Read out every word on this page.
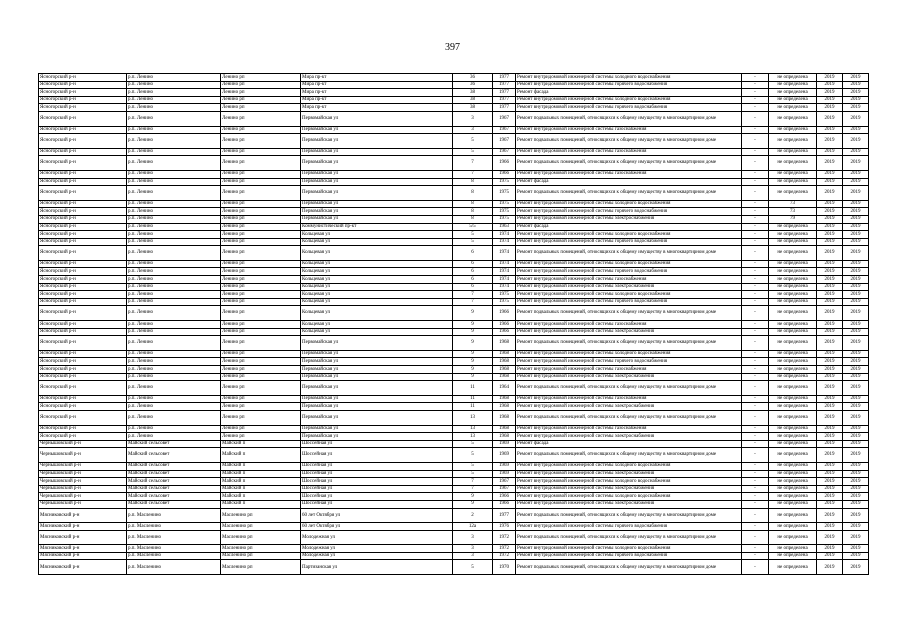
397
Ясногорский р-н	р.п. Ленино	Ленино рп	Мира пр-кт	36	1977	Ремонт внутридомовой инженерной системы холодного водоснабжения	-	не определена	2019	2019
Ясногорский р-н	р.п. Ленино	Ленино рп	Мира пр-кт	36	1977	Ремонт внутридомовой инженерной системы горячего водоснабжения	-	не определена	2019	2019
Ясногорский р-н	р.п. Ленино	Ленино рп	Мира пр-кт	38	1977	Ремонт фасада	-	не определена	2019	2019
Ясногорский р-н	р.п. Ленино	Ленино рп	Мира пр-кт	38	1977	Ремонт внутридомовой инженерной системы холодного водоснабжения	-	не определена	2019	2019
Ясногорский р-н	р.п. Ленино	Ленино рп	Мира пр-кт	38	1977	Ремонт внутридомовой инженерной системы горячего водоснабжения	-	не определена	2019	2019
Ясногорский р-н	р.п. Ленино	Ленино рп	Первомайская ул	3	1967	Ремонт подвальных помещений, относящихся к общему имуществу в многоквартирном доме	-	не определена	2019	2019
Ясногорский р-н	р.п. Ленино	Ленино рп	Первомайская ул	3	1967	Ремонт внутридомовой инженерной системы газоснабжения	-	не определена	2019	2019
Ясногорский р-н	р.п. Ленино	Ленино рп	Первомайская ул	5	1967	Ремонт подвальных помещений, относящихся к общему имуществу в многоквартирном доме	-	не определена	2019	2019
Ясногорский р-н	р.п. Ленино	Ленино рп	Первомайская ул	5	1967	Ремонт внутридомовой инженерной системы газоснабжения	-	не определена	2019	2019
Ясногорский р-н	р.п. Ленино	Ленино рп	Первомайская ул	7	1966	Ремонт подвальных помещений, относящихся к общему имуществу в многоквартирном доме	-	не определена	2019	2019
Ясногорский р-н	р.п. Ленино	Ленино рп	Первомайская ул	7	1966	Ремонт внутридомовой инженерной системы газоснабжения	-	не определена	2019	2019
Ясногорский р-н	р.п. Ленино	Ленино рп	Первомайская ул	8	1975	Ремонт фасада	-	не определена	2019	2019
Ясногорский р-н	р.п. Ленино	Ленино рп	Первомайская ул	8	1975	Ремонт подвальных помещений, относящихся к общему имуществу в многоквартирном доме	-	не определена	2019	2019
Ясногорский р-н	р.п. Ленино	Ленино рп	Первомайская ул	8	1975	Ремонт внутридомовой инженерной системы холодного водоснабжения	-	73	2019	2019
Ясногорский р-н	р.п. Ленино	Ленино рп	Первомайская ул	8	1975	Ремонт внутридомовой инженерной системы горячего водоснабжения	-	73	2019	2019
Ясногорский р-н	р.п. Ленино	Ленино рп	Первомайская ул	8	1975	Ремонт внутридомовой инженерной системы электроснабжения	-	79	2019	2019
Ясногорский р-н	р.п. Ленино	Ленино рп	Коммунистический пр-кт	5/5	1963	Ремонт фасада	-	не определена	2019	2019
Ясногорский р-н	р.п. Ленино	Ленино рп	Кольцевая ул	5	1974	Ремонт внутридомовой инженерной системы холодного водоснабжения	-	не определена	2019	2019
Ясногорский р-н	р.п. Ленино	Ленино рп	Кольцевая ул	5	1974	Ремонт внутридомовой инженерной системы горячего водоснабжения	-	не определена	2019	2019
Ясногорский р-н	р.п. Ленино	Ленино рп	Кольцевая ул	6	1974	Ремонт подвальных помещений, относящихся к общему имуществу в многоквартирном доме	-	не определена	2019	2019
Ясногорский р-н	р.п. Ленино	Ленино рп	Кольцевая ул	6	1974	Ремонт внутридомовой инженерной системы холодного водоснабжения	-	не определена	2019	2019
Ясногорский р-н	р.п. Ленино	Ленино рп	Кольцевая ул	6	1974	Ремонт внутридомовой инженерной системы горячего водоснабжения	-	не определена	2019	2019
Ясногорский р-н	р.п. Ленино	Ленино рп	Кольцевая ул	6	1974	Ремонт внутридомовой инженерной системы газоснабжения	-	не определена	2019	2019
Ясногорский р-н	р.п. Ленино	Ленино рп	Кольцевая ул	6	1974	Ремонт внутридомовой инженерной системы электроснабжения	-	не определена	2019	2019
Ясногорский р-н	р.п. Ленино	Ленино рп	Кольцевая ул	7	1975	Ремонт внутридомовой инженерной системы холодного водоснабжения	-	не определена	2019	2019
Ясногорский р-н	р.п. Ленино	Ленино рп	Кольцевая ул	7	1975	Ремонт внутридомовой инженерной системы горячего водоснабжения	-	не определена	2019	2019
Ясногорский р-н	р.п. Ленино	Ленино рп	Кольцевая ул	9	1966	Ремонт подвальных помещений, относящихся к общему имуществу в многоквартирном доме	-	не определена	2019	2019
Ясногорский р-н	р.п. Ленино	Ленино рп	Кольцевая ул	9	1966	Ремонт внутридомовой инженерной системы газоснабжения	-	не определена	2019	2019
Ясногорский р-н	р.п. Ленино	Ленино рп	Кольцевая ул	9	1966	Ремонт внутридомовой инженерной системы электроснабжения	-	не определена	2019	2019
Ясногорский р-н	р.п. Ленино	Ленино рп	Первомайская ул	9	1968	Ремонт подвальных помещений, относящихся к общему имуществу в многоквартирном доме	-	не определена	2019	2019
Ясногорский р-н	р.п. Ленино	Ленино рп	Первомайская ул	9	1968	Ремонт внутридомовой инженерной системы холодного водоснабжения	-	не определена	2019	2019
Ясногорский р-н	р.п. Ленино	Ленино рп	Первомайская ул	9	1968	Ремонт внутридомовой инженерной системы горячего водоснабжения	-	не определена	2019	2019
Ясногорский р-н	р.п. Ленино	Ленино рп	Первомайская ул	9	1968	Ремонт внутридомовой инженерной системы газоснабжения	-	не определена	2019	2019
Ясногорский р-н	р.п. Ленино	Ленино рп	Первомайская ул	9	1968	Ремонт внутридомовой инженерной системы электроснабжения	-	не определена	2019	2019
Ясногорский р-н	р.п. Ленино	Ленино рп	Первомайская ул	11	1964	Ремонт подвальных помещений, относящихся к общему имуществу в многоквартирном доме	-	не определена	2019	2019
Ясногорский р-н	р.п. Ленино	Ленино рп	Первомайская ул	11	1968	Ремонт внутридомовой инженерной системы газоснабжения	-	не определена	2019	2019
Ясногорский р-н	р.п. Ленино	Ленино рп	Первомайская ул	11	1968	Ремонт внутридомовой инженерной системы электроснабжения	-	не определена	2019	2019
Ясногорский р-н	р.п. Ленино	Ленино рп	Первомайская ул	13	1968	Ремонт подвальных помещений, относящихся к общему имуществу в многоквартирном доме	-	не определена	2019	2019
Ясногорский р-н	р.п. Ленино	Ленино рп	Первомайская ул	13	1968	Ремонт внутридомовой инженерной системы газоснабжения	-	не определена	2019	2019
Ясногорский р-н	р.п. Ленино	Ленино рп	Первомайская ул	13	1968	Ремонт внутридомовой инженерной системы электроснабжения	-	не определена	2019	2019
Чернышовский р-н	Майский сельсовет	Майский п	Шоссейная ул	5	1969	Ремонт фасада	-	не определена	2019	2019
Чернышовский р-н	Майский сельсовет	Майский п	Шоссейная ул	5	1969	Ремонт подвальных помещений, относящихся к общему имуществу в многоквартирном доме	-	не определена	2019	2019
Чернышовский р-н	Майский сельсовет	Майский п	Шоссейная ул	5	1969	Ремонт внутридомовой инженерной системы холодного водоснабжения	-	не определена	2019	2019
Чернышовский р-н	Майский сельсовет	Майский п	Шоссейная ул	5	1969	Ремонт внутридомовой инженерной системы электроснабжения	-	не определена	2019	2019
Чернышовский р-н	Майский сельсовет	Майский п	Шоссейная ул	7	1967	Ремонт внутридомовой инженерной системы холодного водоснабжения	-	не определена	2019	2019
Чернышовский р-н	Майский сельсовет	Майский п	Шоссейная ул	7	1967	Ремонт внутридомовой инженерной системы электроснабжения	-	не определена	2019	2019
Чернышовский р-н	Майский сельсовет	Майский п	Шоссейная ул	9	1966	Ремонт внутридомовой инженерной системы холодного водоснабжения	-	не определена	2019	2019
Чернышовский р-н	Майский сельсовет	Майский п	Шоссейная ул	9	1966	Ремонт внутридомовой инженерной системы электроснабжения	-	не определена	2019	2019
Мясниковский р-н	р.п. Масленино	Масленино рп	60 лет Октября ул	2	1977	Ремонт подвальных помещений, относящихся к общему имуществу в многоквартирном доме	-	не определена	2019	2019
Мясниковский р-н	р.п. Масленино	Масленино рп	60 лет Октября ул	12а	1976	Ремонт внутридомовой инженерной системы горячего водоснабжения	-	не определена	2019	2019
Мясниковский р-н	р.п. Масленино	Масленино рп	Молодежная ул	3	1972	Ремонт подвальных помещений, относящихся к общему имуществу в многоквартирном доме	-	не определена	2019	2019
Мясниковский р-н	р.п. Масленино	Масленино рп	Молодежная ул	3	1972	Ремонт внутридомовой инженерной системы холодного водоснабжения	-	не определена	2019	2019
Мясниковский р-н	р.п. Масленино	Масленино рп	Молодежная ул	3	1972	Ремонт внутридомовой инженерной системы горячего водоснабжения	-	не определена	2019	2019
Мясниковский р-н	р.п. Масленино	Масленино рп	Партизанская ул	5	1970	Ремонт подвальных помещений, относящихся к общему имуществу в многоквартирном доме	-	не определена	2019	2019
